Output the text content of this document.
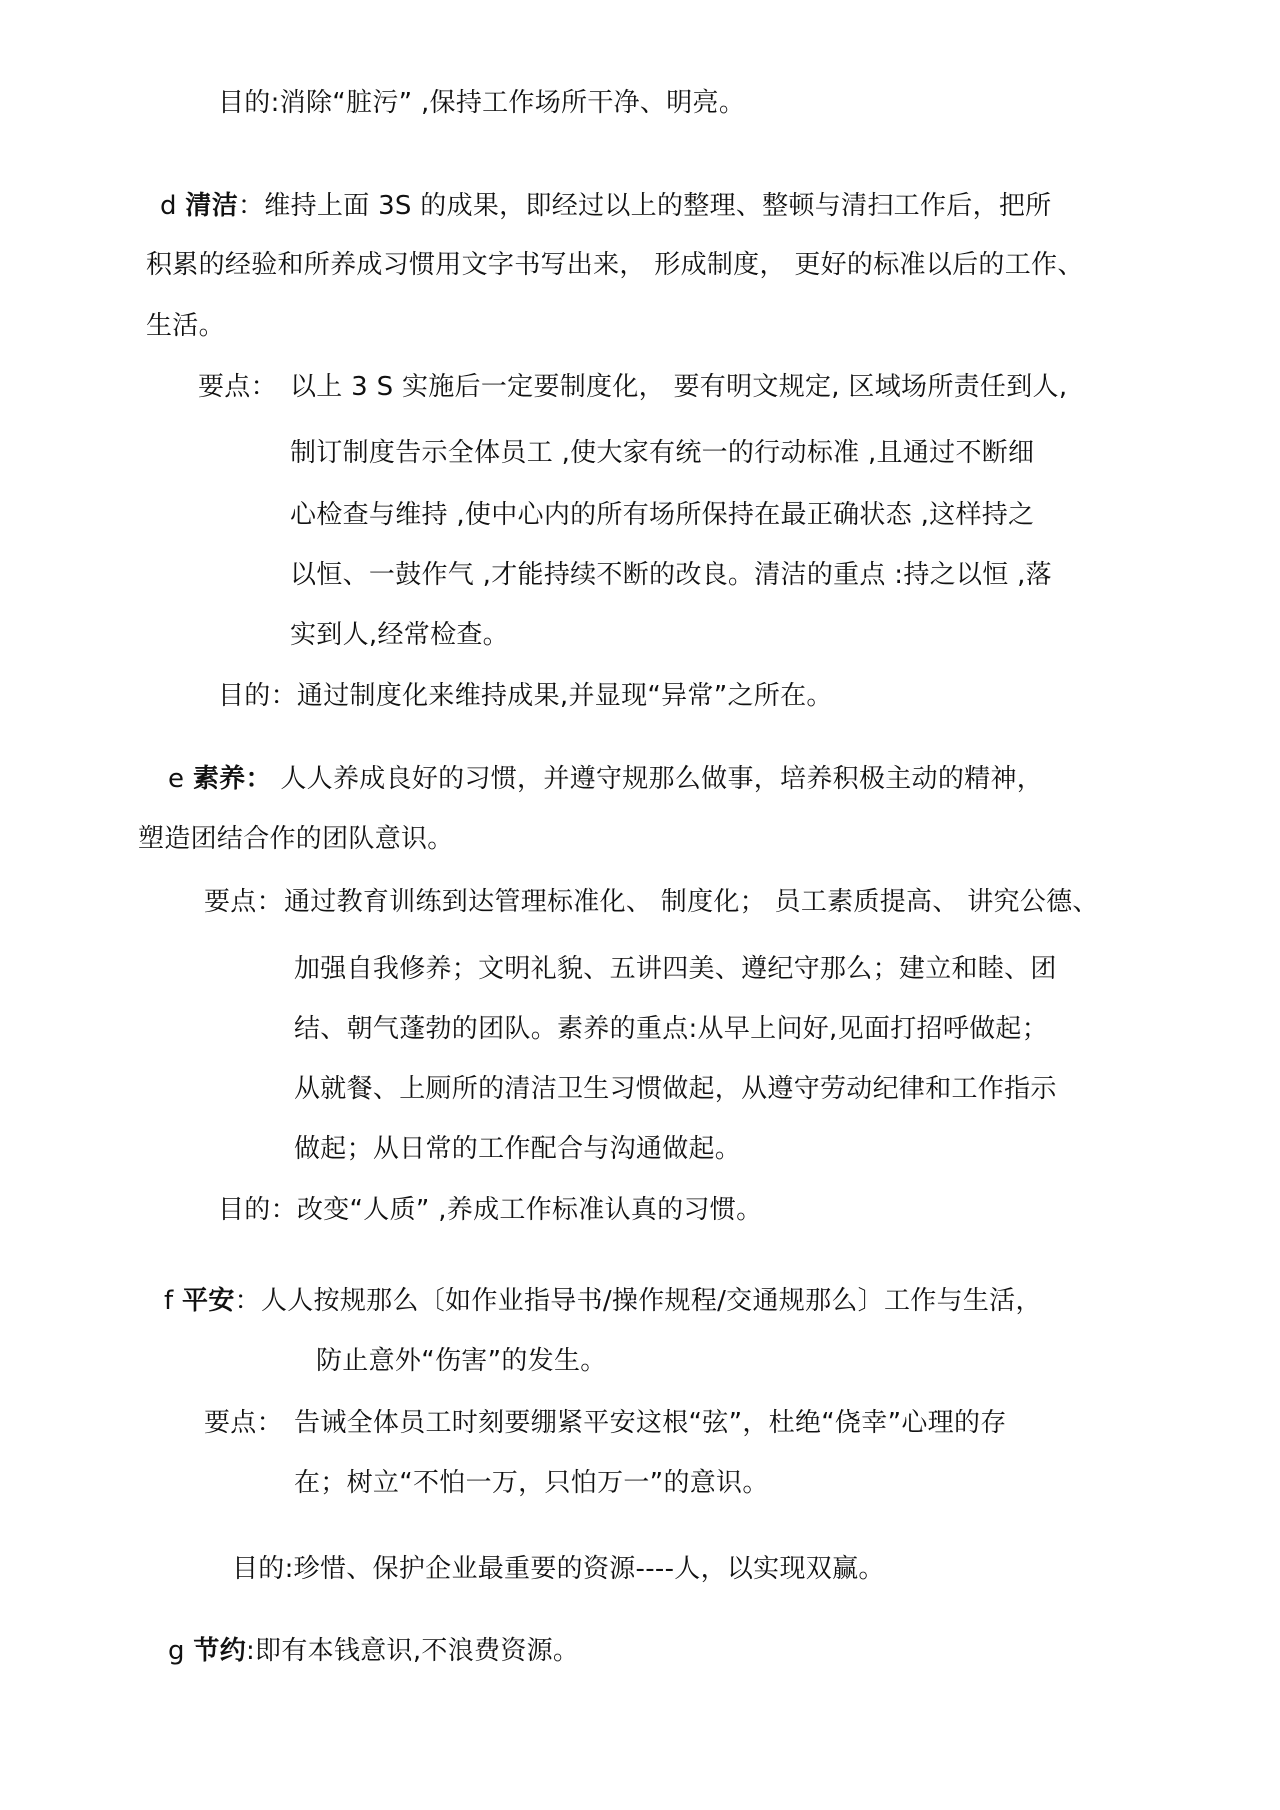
目的:消除“脏污” ,保持工作场所干净、明亮。

d 清洁：维持上面 3S 的成果，即经过以上的整理、整顿与清扫工作后，把所

积累的经验和所养成习惯用文字书写出来， 形成制度， 更好的标准以后的工作、

生活。

要点： 以上 3 S 实施后一定要制度化， 要有明文规定, 区域场所责任到人,

制订制度告示全体员工 ,使大家有统一的行动标准 ,且通过不断细

心检查与维持 ,使中心内的所有场所保持在最正确状态 ,这样持之

以恒、一鼓作气 ,才能持续不断的改良。清洁的重点 :持之以恒 ,落

实到人,经常检查。

目的：通过制度化来维持成果,并显现“异常”之所在。

e 素养： 人人养成良好的习惯，并遵守规那么做事，培养积极主动的精神，

塑造团结合作的团队意识。

要点： 通过教育训练到达管理标准化、 制度化； 员工素质提高、 讲究公德、

加强自我修养；文明礼貌、五讲四美、遵纪守那么；建立和睦、团

结、朝气蓬勃的团队。素养的重点:从早上问好,见面打招呼做起；

从就餐、上厕所的清洁卫生习惯做起，从遵守劳动纪律和工作指示

做起；从日常的工作配合与沟通做起。

目的：改变“人质” ,养成工作标准认真的习惯。

f 平安：人人按规那么〔如作业指导书/操作规程/交通规那么〕工作与生活，

防止意外“伤害”的发生。

要点： 告诫全体员工时刻要绷紧平安这根“弦”，杜绝“侥幸”心理的存

在；树立“不怕一万，只怕万一”的意识。

目的:珍惜、保护企业最重要的资源----人，以实现双赢。

g 节约:即有本钱意识,不浪费资源。
